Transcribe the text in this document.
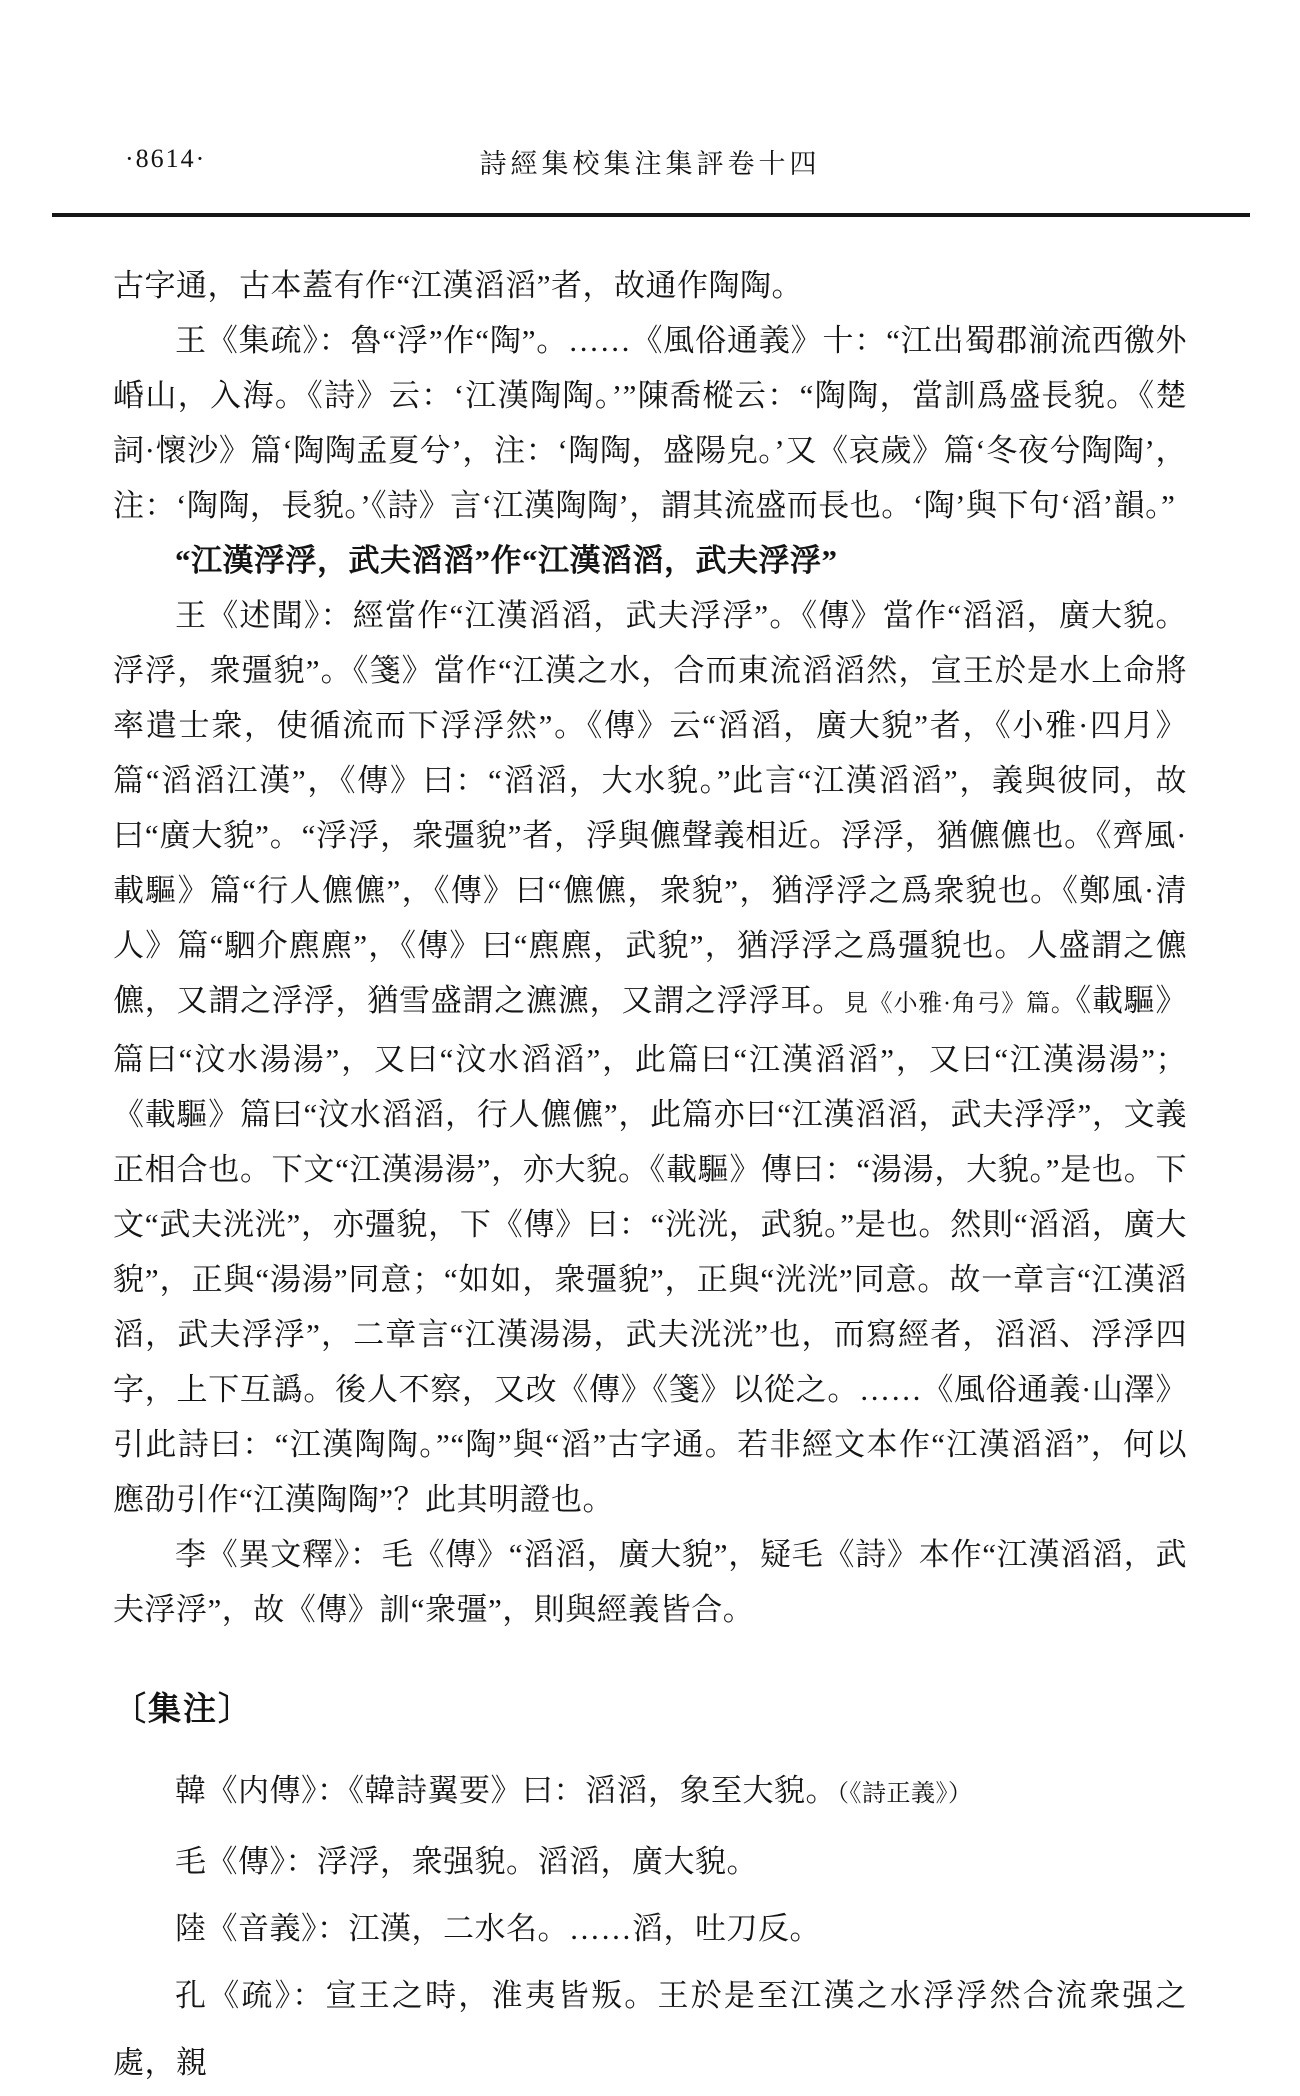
·8614·	詩經集校集注集評卷十四

古字通，古本蓋有作“江漢滔滔”者，故通作陶陶。

王《集疏》：魯“浮”作“陶”。……《風俗通義》十：“江出蜀郡湔流西徼外崏山，入海。《詩》云：‘江漢陶陶。’”陳喬樅云：“陶陶，當訓爲盛長貌。《楚詞·懷沙》篇‘陶陶孟夏兮’，注：‘陶陶，盛陽皃。’又《哀歲》篇‘冬夜兮陶陶’，注：‘陶陶，長貌。’《詩》言‘江漢陶陶’，謂其流盛而長也。‘陶’與下句‘滔’韻。”

“江漢浮浮，武夫滔滔”作“江漢滔滔，武夫浮浮”

王《述聞》：經當作“江漢滔滔，武夫浮浮”。《傳》當作“滔滔，廣大貌。浮浮，衆彊貌”。《箋》當作“江漢之水，合而東流滔滔然，宣王於是水上命將率遣士衆，使循流而下浮浮然”。《傳》云“滔滔，廣大貌”者，《小雅·四月》篇“滔滔江漢”，《傳》曰：“滔滔，大水貌。”此言“江漢滔滔”，義與彼同，故曰“廣大貌”。“浮浮，衆彊貌”者，浮與儦聲義相近。浮浮，猶儦儦也。《齊風·載驅》篇“行人儦儦”，《傳》曰“儦儦，衆貌”，猶浮浮之爲衆貌也。《鄭風·清人》篇“駟介麃麃”，《傳》曰“麃麃，武貌”，猶浮浮之爲彊貌也。人盛謂之儦儦，又謂之浮浮，猶雪盛謂之瀌瀌，又謂之浮浮耳。見《小雅·角弓》篇。《載驅》篇曰“汶水湯湯”，又曰“汶水滔滔”，此篇曰“江漢滔滔”，又曰“江漢湯湯”；《載驅》篇曰“汶水滔滔，行人儦儦”，此篇亦曰“江漢滔滔，武夫浮浮”，文義正相合也。下文“江漢湯湯”，亦大貌。《載驅》傳曰：“湯湯，大貌。”是也。下文“武夫洸洸”，亦彊貌，下《傳》曰：“洸洸，武貌。”是也。然則“滔滔，廣大貌”，正與“湯湯”同意；“如如，衆彊貌”，正與“洸洸”同意。故一章言“江漢滔滔，武夫浮浮”，二章言“江漢湯湯，武夫洸洸”也，而寫經者，滔滔、浮浮四字，上下互譌。後人不察，又改《傳》《箋》以從之。……《風俗通義·山澤》引此詩曰：“江漢陶陶。”“陶”與“滔”古字通。若非經文本作“江漢滔滔”，何以應劭引作“江漢陶陶”？此其明證也。

李《異文釋》：毛《傳》“滔滔，廣大貌”，疑毛《詩》本作“江漢滔滔，武夫浮浮”，故《傳》訓“衆彊”，則與經義皆合。

〔集注〕

韓《内傳》：《韓詩翼要》曰：滔滔，象至大貌。（《詩正義》）

毛《傳》：浮浮，衆强貌。滔滔，廣大貌。

陸《音義》：江漢，二水名。……滔，吐刀反。

孔《疏》：宣王之時，淮夷皆叛。王於是至江漢之水浮浮然合流衆强之處，親
